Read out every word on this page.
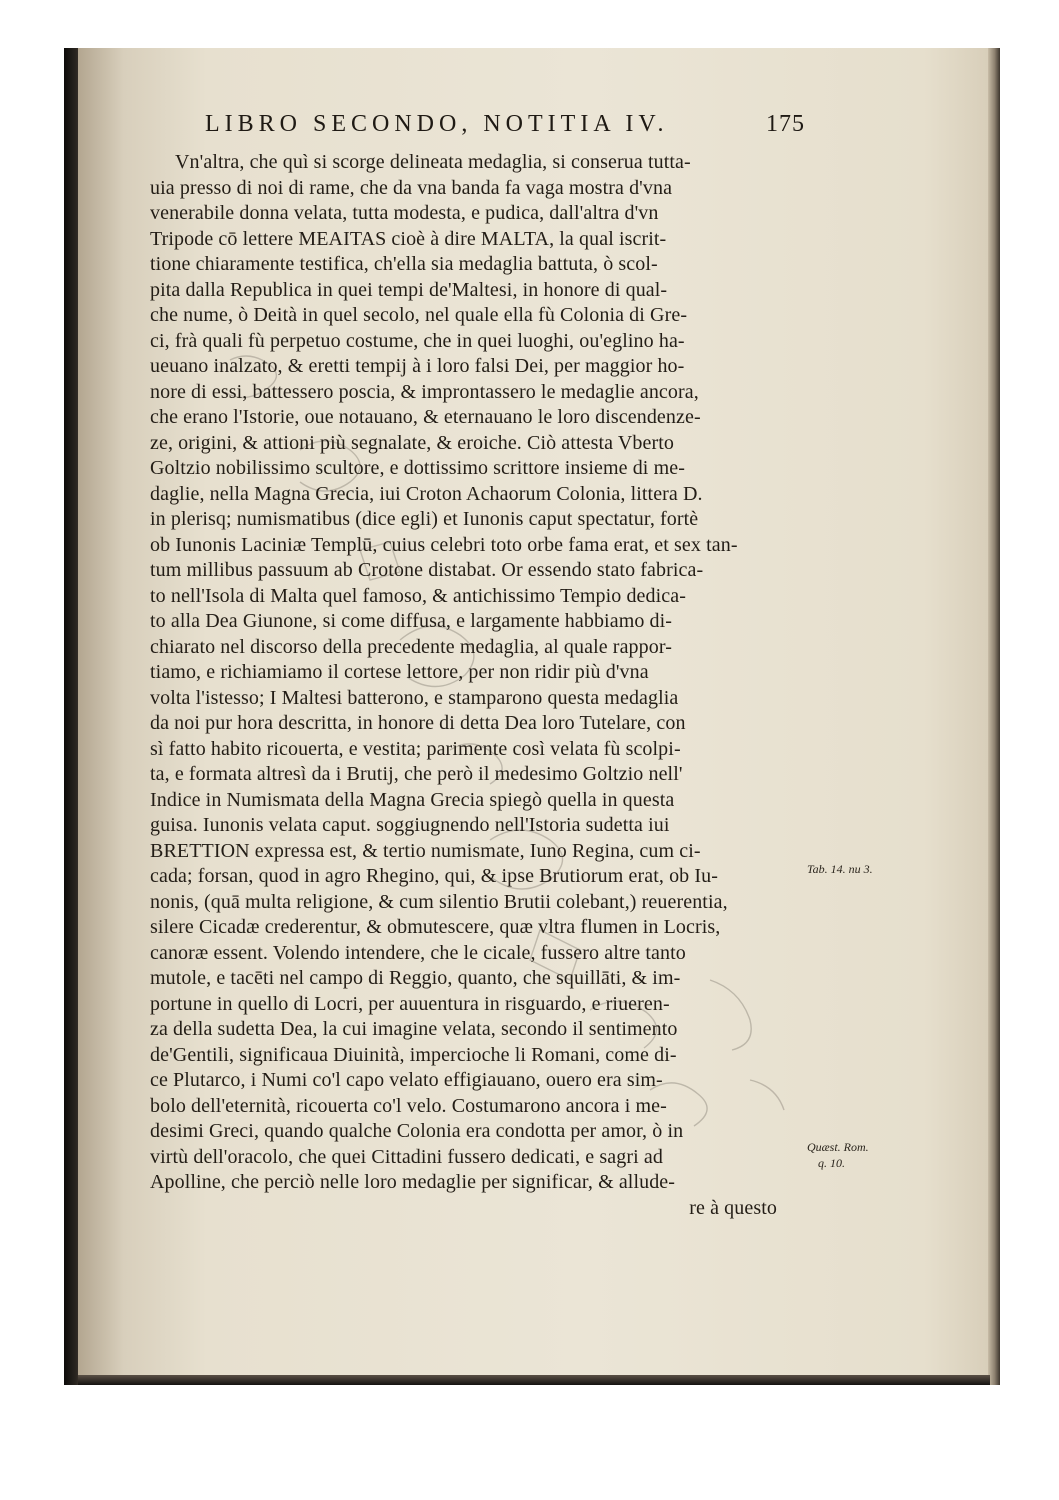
LIBRO SECONDO, NOTITIA IV.	175
Vn'altra, che quì si scorge delineata medaglia, si conserua tutta-
uia presso di noi di rame, che da vna banda fa vaga mostra d'vna
venerabile donna velata, tutta modesta, e pudica, dall'altra d'vn
Tripode cō lettere MEAITAS cioè à dire MALTA, la qual iscrit-
tione chiaramente testifica, ch'ella sia medaglia battuta, ò scol-
pita dalla Republica in quei tempi de'Maltesi, in honore di qual-
che nume, ò Deità in quel secolo, nel quale ella fù Colonia di Gre-
ci, frà quali fù perpetuo costume, che in quei luoghi, ou'eglino ha-
ueuano inalzato, & eretti tempij à i loro falsi Dei, per maggior ho-
nore di essi, battessero poscia, & improntassero le medaglie ancora,
che erano l'Istorie, oue notauano, & eternauano le loro discendenze-
ze, origini, & attioni più segnalate, & eroiche. Ciò attesta Vberto
Goltzio nobilissimo scultore, e dottissimo scrittore insieme di me-
daglie, nella Magna Grecia, iui Croton Achaorum Colonia, littera D.
in plerisq; numismatibus (dice egli) et Iunonis caput spectatur, fortè
ob Iunonis Laciniæ Templū, cuius celebri toto orbe fama erat, et sex tan-
tum millibus passuum ab Crotone distabat. Or essendo stato fabrica-
to nell'Isola di Malta quel famoso, & antichissimo Tempio dedica-
to alla Dea Giunone, si come diffusa, e largamente habbiamo di-
chiarato nel discorso della precedente medaglia, al quale rappor-
tiamo, e richiamiamo il cortese lettore, per non ridir più d'vna
volta l'istesso; I Maltesi batterono, e stamparono questa medaglia
da noi pur hora descritta, in honore di detta Dea loro Tutelare, con
sì fatto habito ricouerta, e vestita; parimente così velata fù scolpi-
ta, e formata altresì da i Brutij, che però il medesimo Goltzio nell'
Indice in Numismata della Magna Grecia spiegò quella in questa
guisa. Iunonis velata caput. soggiugnendo nell'Istoria sudetta iui
BRETTION expressa est, & tertio numismate, Iuno Regina, cum ci-
cada; forsan, quod in agro Rhegino, qui, & ipse Brutiorum erat, ob Iu-
nonis, (quā multa religione, & cum silentio Brutii colebant,) reuerentia,
silere Cicadæ crederentur, & obmutescere, quæ vltra flumen in Locris,
canoræ essent. Volendo intendere, che le cicale, fussero altre tanto
mutole, e tacēti nel campo di Reggio, quanto, che squillāti, & im-
portune in quello di Locri, per auuentura in risguardo, e riueren-
za della sudetta Dea, la cui imagine velata, secondo il sentimento
de'Gentili, significaua Diuinità, impercioche li Romani, come di-
ce Plutarco, i Numi co'l capo velato effigiauano, ouero era sim-
bolo dell'eternità, ricouerta co'l velo. Costumarono ancora i me-
desimi Greci, quando qualche Colonia era condotta per amor, ò in
virtù dell'oracolo, che quei Cittadini fussero dedicati, e sagri ad
Apolline, che perciò nelle loro medaglie per significar, & allude-
re à questo
Tab. 14. nu 3.
Quæst. Rom.
q. 10.
